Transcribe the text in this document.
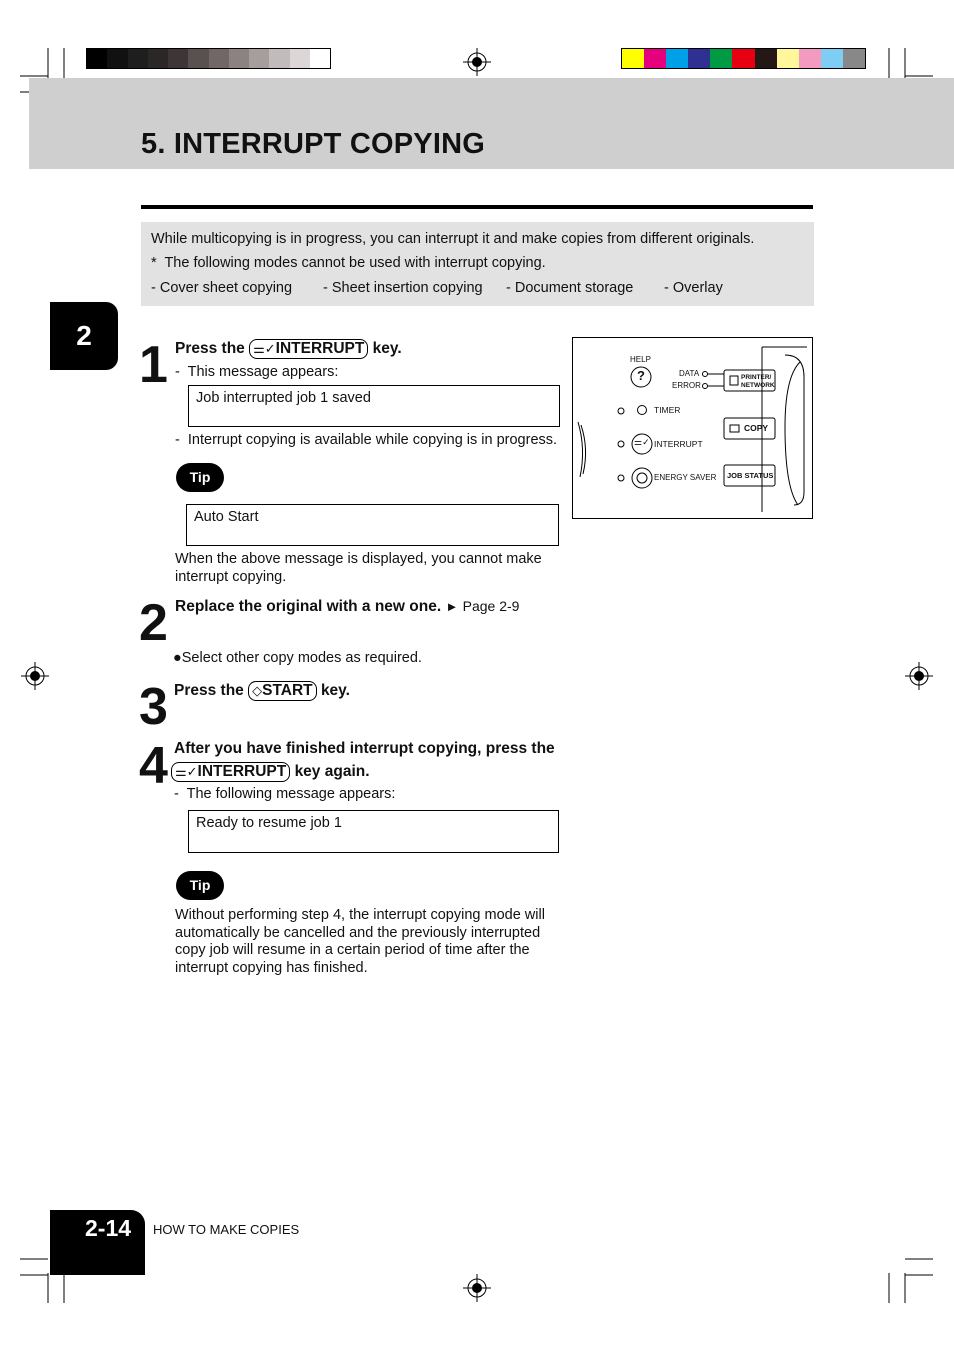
5. INTERRUPT COPYING
While multicopying is in progress, you can interrupt it and make copies from different originals.
* The following modes cannot be used with interrupt copying.
- Cover sheet copying - Sheet insertion copying - Document storage - Overlay
2
1 Press the ⚌✓INTERRUPT key.
- This message appears:
Job interrupted job 1 saved
- Interrupt copying is available while copying is in progress.
Tip
Auto Start
When the above message is displayed, you cannot make
interrupt copying.
2 Replace the original with a new one. ► Page 2-9
●Select other copy modes as required.
3 Press the ◇START key.
4 After you have finished interrupt copying, press the
⚌✓INTERRUPT key again.
- The following message appears:
Ready to resume job 1
Tip
Without performing step 4, the interrupt copying mode will
automatically be cancelled and the previously interrupted
copy job will resume in a certain period of time after the
interrupt copying has finished.
HELP
?	DATA
ERROR
PRINTER/
NETWORK
TIMER
COPY
⚌✓ INTERRUPT
JOB STATUS
ENERGY SAVER
2-14 HOW TO MAKE COPIES
